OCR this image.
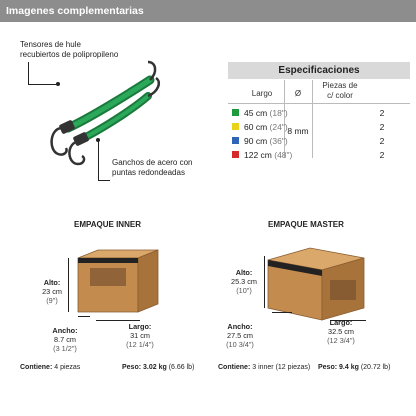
Imagenes complementarias
Tensores de hule
recubiertos de polipropileno
Ganchos de acero con
puntas redondeadas
Especificaciones
Largo	Ø
Piezas de
c/ color
45 cm (18")	2
60 cm (24")	2
90 cm (36")	2
122 cm (48")	2
8 mm
EMPAQUE INNER
Alto:
23 cm
(9")
Ancho:
8.7 cm
(3 1/2")
Largo:
31 cm
(12 1/4")
EMPAQUE MASTER
Alto:
25.3 cm
(10")
Ancho:
27.5 cm
(10 3/4")
Largo:
32.5 cm
(12 3/4")
Contiene: 4 piezas	Peso: 3.02 kg (6.66 lb)	Contiene: 3 inner (12 piezas) Peso: 9.4 kg (20.72 lb)
